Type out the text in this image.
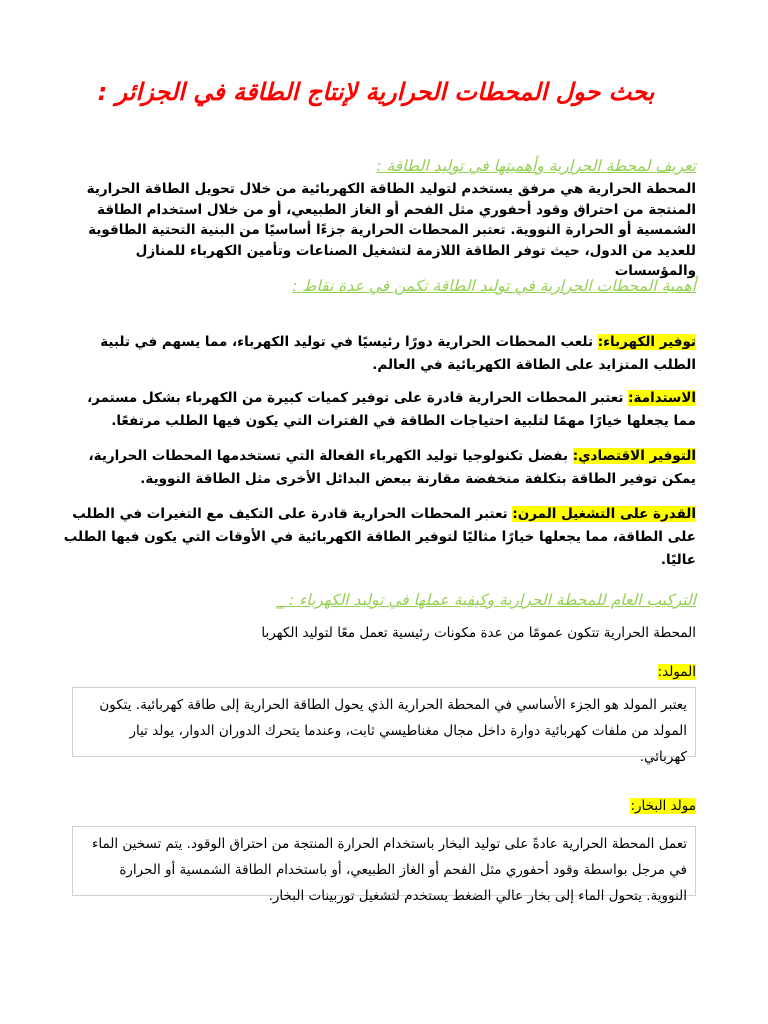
بحث حول المحطات الحرارية لإنتاج الطاقة في الجزائر :
تعريف لمحطة الحرارية وأهميتها في توليد الطاقة :
المحطة الحرارية هي مرفق يستخدم لتوليد الطاقة الكهربائية من خلال تحويل الطاقة الحرارية المنتجة من احتراق وقود أحفوري مثل الفحم أو الغاز الطبيعي، أو من خلال استخدام الطاقة الشمسية أو الحرارة النووية. تعتبر المحطات الحرارية جزءًا أساسيًا من البنية التحتية الطاقوية للعديد من الدول، حيث توفر الطاقة اللازمة لتشغيل الصناعات وتأمين الكهرباء للمنازل والمؤسسات
أهمية المحطات الحرارية في توليد الطاقة تكمن في عدة نقاط :
توفير الكهرباء: تلعب المحطات الحرارية دورًا رئيسيًا في توليد الكهرباء، مما يسهم في تلبية الطلب المتزايد على الطاقة الكهربائية في العالم.
الاستدامة: تعتبر المحطات الحرارية قادرة على توفير كميات كبيرة من الكهرباء بشكل مستمر، مما يجعلها خيارًا مهمًا لتلبية احتياجات الطاقة في الفترات التي يكون فيها الطلب مرتفعًا.
التوفير الاقتصادي: بفضل تكنولوجيا توليد الكهرباء الفعالة التي تستخدمها المحطات الحرارية، يمكن توفير الطاقة بتكلفة منخفضة مقارنة ببعض البدائل الأخرى مثل الطاقة النووية.
القدرة على التشغيل المرن: تعتبر المحطات الحرارية قادرة على التكيف مع التغيرات في الطلب على الطاقة، مما يجعلها خيارًا مثاليًا لتوفير الطاقة الكهربائية في الأوقات التي يكون فيها الطلب عاليًا.
التركيب العام للمحطة الحرارية وكيفية عملها في توليد الكهرباء : _
المحطة الحرارية تتكون عمومًا من عدة مكونات رئيسية تعمل معًا لتوليد الكهربا
المولد:
يعتبر المولد هو الجزء الأساسي في المحطة الحرارية الذي يحول الطاقة الحرارية إلى طاقة كهربائية. يتكون المولد من ملفات كهربائية دوارة داخل مجال مغناطيسي ثابت، وعندما يتحرك الدوران الدوار، يولد تيار كهربائي.
مولد البخار:
تعمل المحطة الحرارية عادةً على توليد البخار باستخدام الحرارة المنتجة من احتراق الوقود. يتم تسخين الماء في مرجل بواسطة وقود أحفوري مثل الفحم أو الغاز الطبيعي، أو باستخدام الطاقة الشمسية أو الحرارة النووية. يتحول الماء إلى بخار عالي الضغط يستخدم لتشغيل توربينات البخار.
